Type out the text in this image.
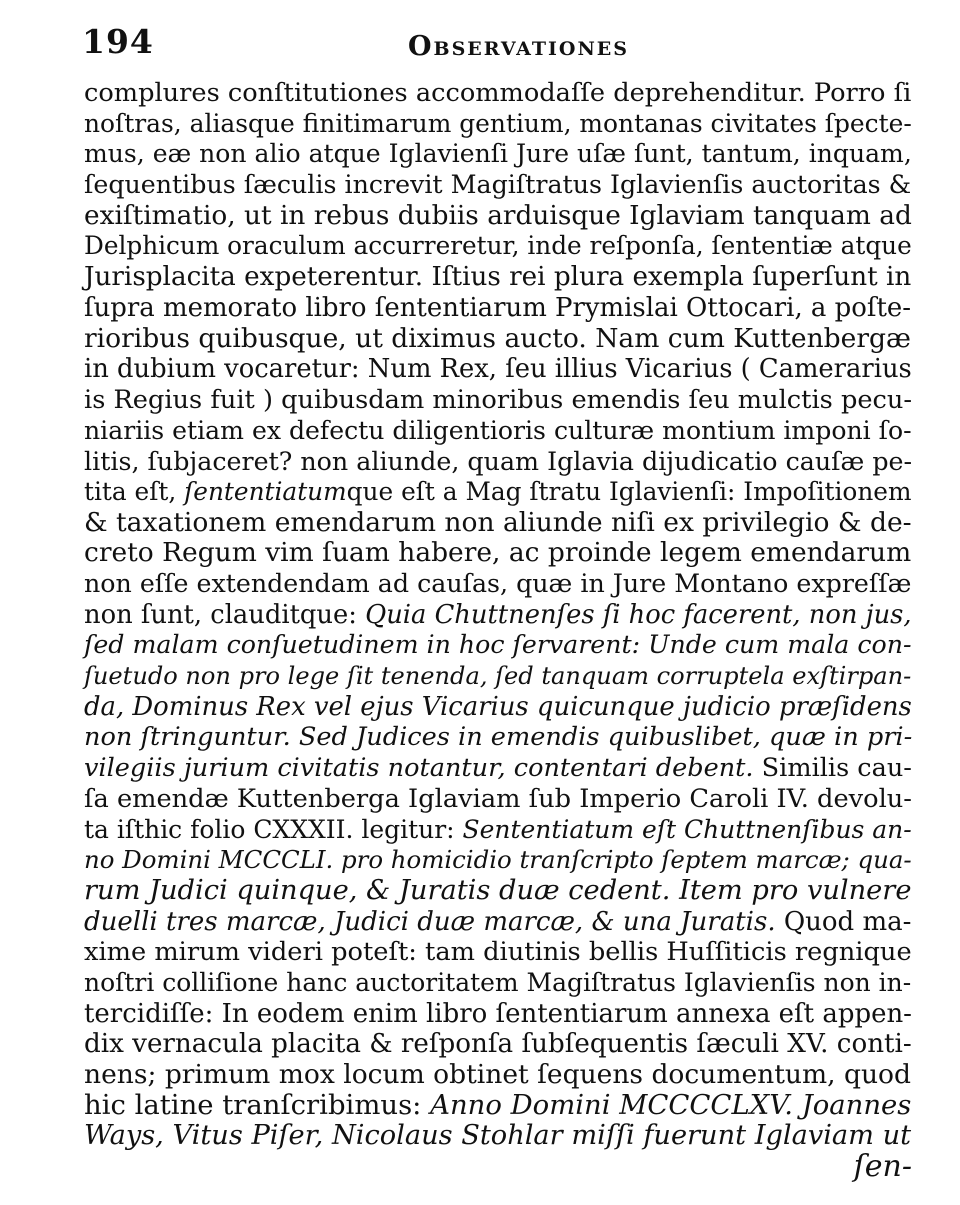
194	Observationes
complures conſtitutiones accommodaſſe deprehenditur. Porro ſi
noſtras, aliasque finitimarum gentium, montanas civitates ſpecte-
mus, eæ non alio atque Iglavienſi Jure uſæ ſunt, tantum, inquam,
ſequentibus ſæculis increvit Magiſtratus Iglavienſis auctoritas &
exiſtimatio, ut in rebus dubiis arduisque Iglaviam tanquam ad
Delphicum oraculum accurreretur, inde reſponſa, ſententiæ atque
Jurisplacita expeterentur. Iſtius rei plura exempla ſuperſunt in
ſupra memorato libro ſententiarum Prymislai Ottocari, a poſte-
rioribus quibusque, ut diximus aucto. Nam cum Kuttenbergæ
in dubium vocaretur: Num Rex, ſeu illius Vicarius ( Camerarius
is Regius fuit ) quibusdam minoribus emendis ſeu mulctis pecu-
niariis etiam ex defectu diligentioris culturæ montium imponi ſo-
litis, ſubjaceret? non aliunde, quam Iglavia dijudicatio cauſæ pe-
tita eſt, ſententiatumque eſt a Mag ſtratu Iglavienſi: Impoſitionem
& taxationem emendarum non aliunde niſi ex privilegio & de-
creto Regum vim ſuam habere, ac proinde legem emendarum
non eſſe extendendam ad cauſas, quæ in Jure Montano expreſſæ
non ſunt, clauditque: Quia Chuttnenſes ſi hoc facerent, non jus,
ſed malam conſuetudinem in hoc ſervarent: Unde cum mala con-
ſuetudo non pro lege ſit tenenda, ſed tanquam corruptela exſtirpan-
da, Dominus Rex vel ejus Vicarius quicunque judicio præſidens
non ſtringuntur. Sed Judices in emendis quibuslibet, quæ in pri-
vilegiis jurium civitatis notantur, contentari debent. Similis cau-
ſa emendæ Kuttenberga Iglaviam ſub Imperio Caroli IV. devolu-
ta iſthic folio CXXXII. legitur: Sententiatum eſt Chuttnenſibus an-
no Domini MCCCLI. pro homicidio tranſcripto ſeptem marcæ; qua-
rum Judici quinque, & Juratis duæ cedent. Item pro vulnere
duelli tres marcæ, Judici duæ marcæ, & una Juratis. Quod ma-
xime mirum videri poteſt: tam diutinis bellis Huſſiticis regnique
noſtri colliſione hanc auctoritatem Magiſtratus Iglavienſis non in-
tercidiſſe: In eodem enim libro ſententiarum annexa eſt appen-
dix vernacula placita & reſponſa ſubſequentis ſæculi XV. conti-
nens; primum mox locum obtinet ſequens documentum, quod
hic latine tranſcribimus: Anno Domini MCCCCLXV. Joannes
Ways, Vitus Piſer, Nicolaus Stohlar miſſi fuerunt Iglaviam ut
ſen-
